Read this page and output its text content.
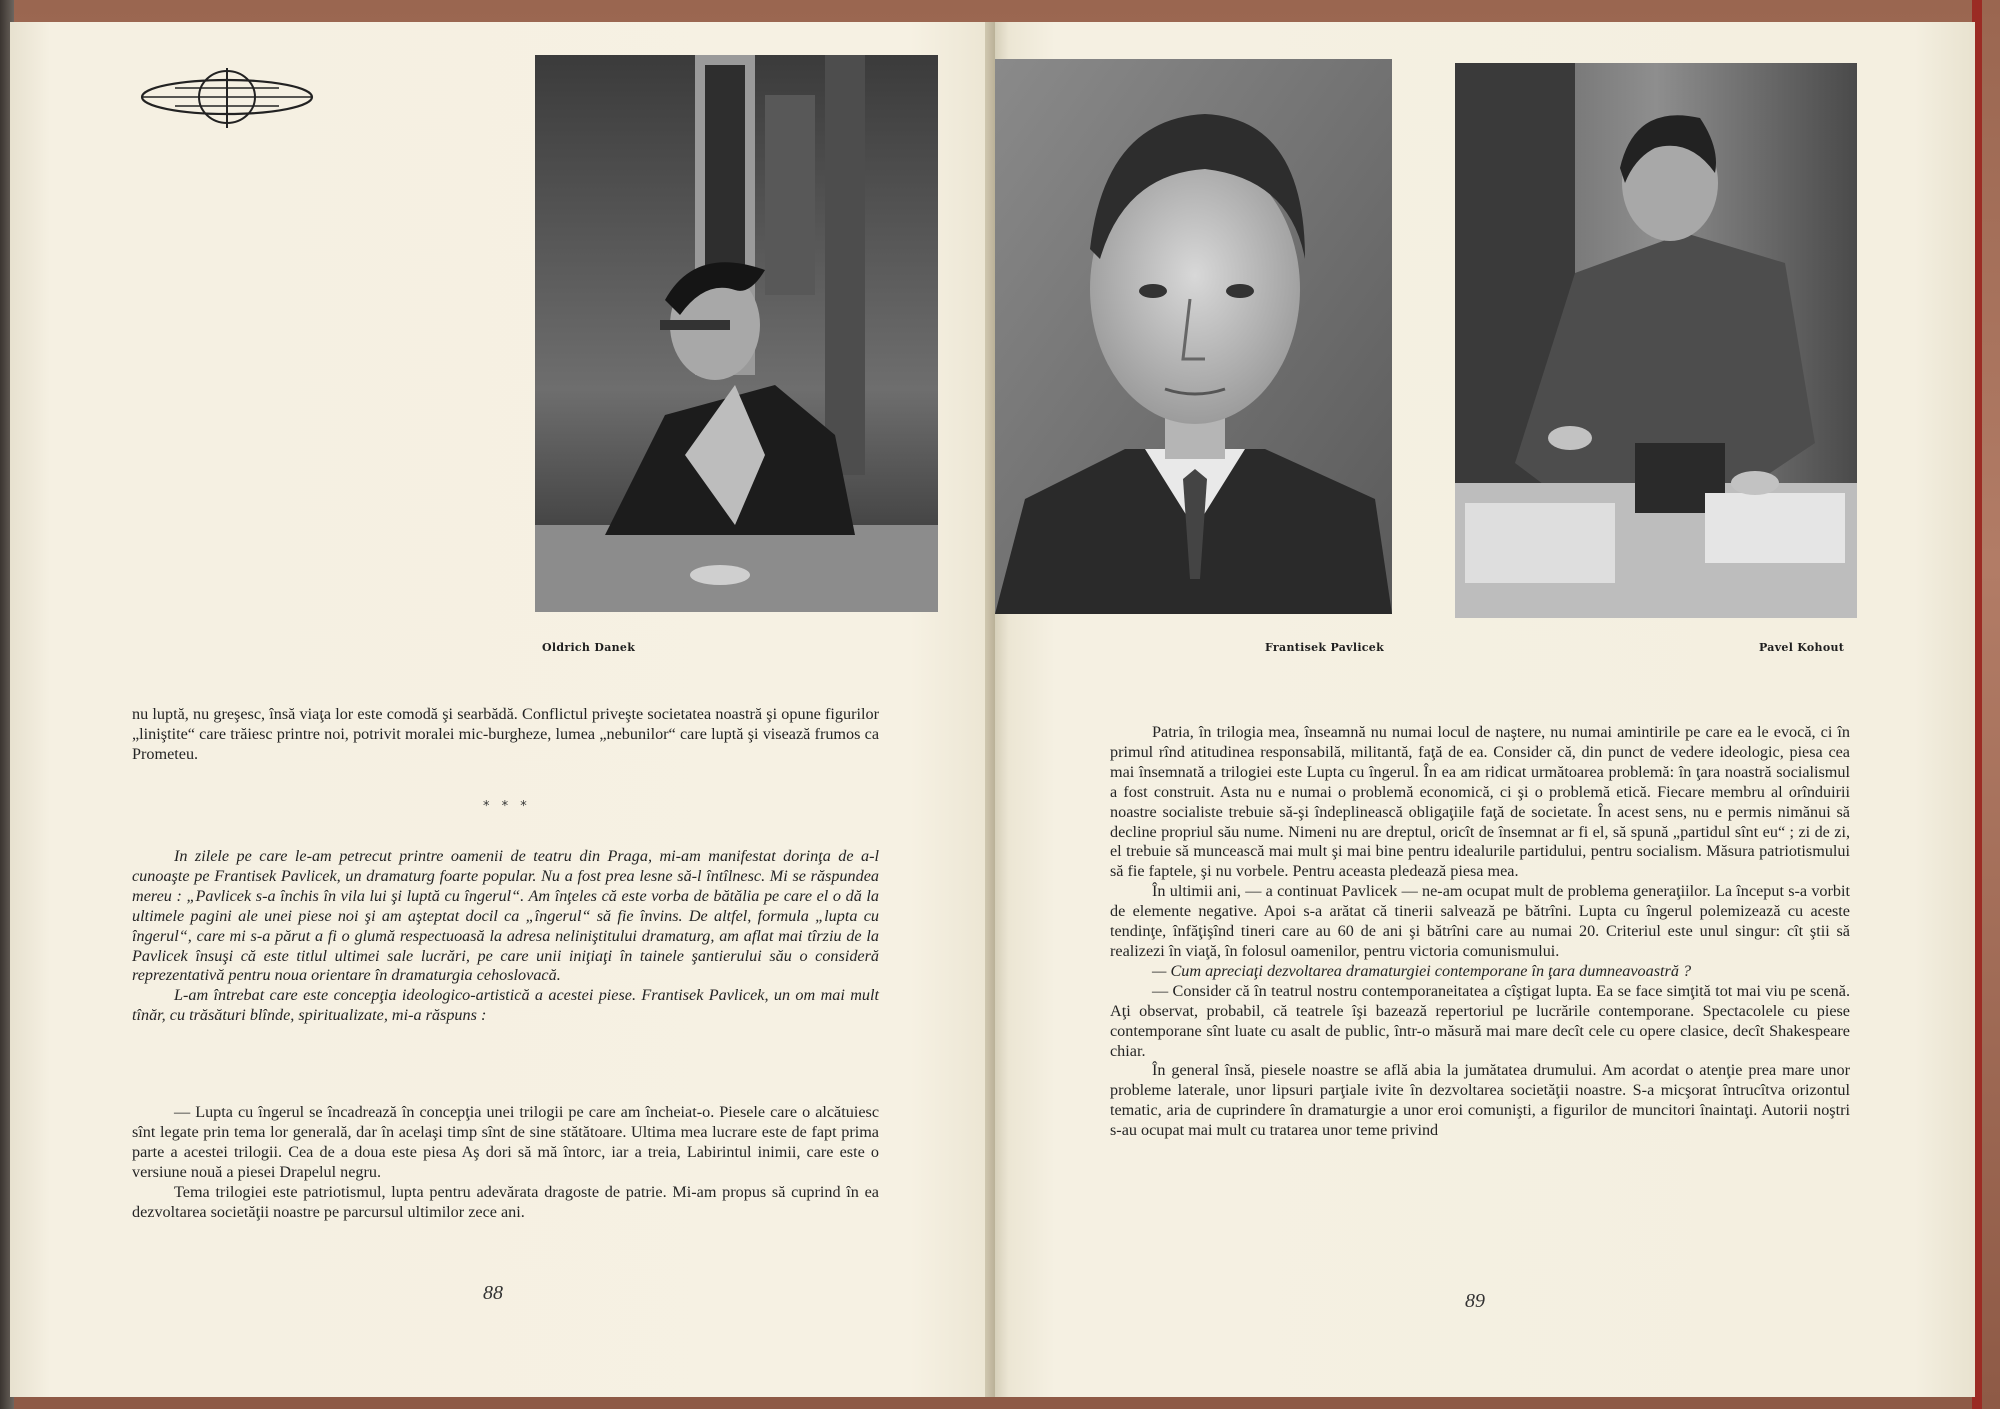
Oldrich Danek

nu luptă, nu greşesc, însă viaţa lor este comodă şi searbădă. Conflictul priveşte societatea noastră şi opune figurilor „liniştite“ care trăiesc printre noi, potrivit moralei mic-burgheze, lumea „nebunilor“ care luptă şi visează frumos ca Prometeu.

* * *

In zilele pe care le-am petrecut printre oamenii de teatru din Praga, mi-am manifestat dorinţa de a-l cunoaşte pe Frantisek Pavlicek, un dramaturg foarte popular. Nu a fost prea lesne să-l întîlnesc. Mi se răspundea mereu : „Pavlicek s-a închis în vila lui şi luptă cu îngerul“. Am înţeles că este vorba de bătălia pe care el o dă la ultimele pagini ale unei piese noi şi am aşteptat docil ca „îngerul“ să fie învins. De altfel, formula „lupta cu îngerul“, care mi s-a părut a fi o glumă respectuoasă la adresa neliniştitului dramaturg, am aflat mai tîrziu de la Pavlicek însuşi că este titlul ultimei sale lucrări, pe care unii iniţiaţi în tainele şantierului său o consideră reprezentativă pentru noua orientare în dramaturgia cehoslovacă.

L-am întrebat care este concepţia ideologico-artistică a acestei piese. Frantisek Pavlicek, un om mai mult tînăr, cu trăsături blînde, spiritualizate, mi-a răspuns :

— Lupta cu îngerul se încadrează în concepţia unei trilogii pe care am încheiat-o. Piesele care o alcătuiesc sînt legate prin tema lor generală, dar în acelaşi timp sînt de sine stătătoare. Ultima mea lucrare este de fapt prima parte a acestei trilogii. Cea de a doua este piesa Aş dori să mă întorc, iar a treia, Labirintul inimii, care este o versiune nouă a piesei Drapelul negru.

Tema trilogiei este patriotismul, lupta pentru adevărata dragoste de patrie. Mi-am propus să cuprind în ea dezvoltarea societăţii noastre pe parcursul ultimilor zece ani.

88
Frantisek Pavlicek	Pavel Kohout

Patria, în trilogia mea, înseamnă nu numai locul de naştere, nu numai amintirile pe care ea le evocă, ci în primul rînd atitudinea responsabilă, militantă, faţă de ea. Consider că, din punct de vedere ideologic, piesa cea mai însemnată a trilogiei este Lupta cu îngerul. În ea am ridicat următoarea problemă: în ţara noastră socialismul a fost construit. Asta nu e numai o problemă economică, ci şi o problemă etică. Fiecare membru al orînduirii noastre socialiste trebuie să-şi îndeplinească obligaţiile faţă de societate. În acest sens, nu e permis nimănui să decline propriul său nume. Nimeni nu are dreptul, oricît de însemnat ar fi el, să spună „partidul sînt eu“ ; zi de zi, el trebuie să muncească mai mult şi mai bine pentru idealurile partidului, pentru socialism. Măsura patriotismului să fie faptele, şi nu vorbele. Pentru aceasta pledează piesa mea.

În ultimii ani, — a continuat Pavlicek — ne-am ocupat mult de problema generaţiilor. La început s-a vorbit de elemente negative. Apoi s-a arătat că tinerii salvează pe bătrîni. Lupta cu îngerul polemizează cu aceste tendinţe, înfăţişînd tineri care au 60 de ani şi bătrîni care au numai 20. Criteriul este unul singur: cît ştii să realizezi în viaţă, în folosul oamenilor, pentru victoria comunismului.

— Cum apreciaţi dezvoltarea dramaturgiei contemporane în ţara dumneavoastră ?

— Consider că în teatrul nostru contemporaneitatea a cîştigat lupta. Ea se face simţită tot mai viu pe scenă. Aţi observat, probabil, că teatrele îşi bazează repertoriul pe lucrările contemporane. Spectacolele cu piese contemporane sînt luate cu asalt de public, într-o măsură mai mare decît cele cu opere clasice, decît Shakespeare chiar.

În general însă, piesele noastre se află abia la jumătatea drumului. Am acordat o atenţie prea mare unor probleme laterale, unor lipsuri parţiale ivite în dezvoltarea societăţii noastre. S-a micşorat întrucîtva orizontul tematic, aria de cuprindere în dramaturgie a unor eroi comunişti, a figurilor de muncitori înaintaţi. Autorii noştri s-au ocupat mai mult cu tratarea unor teme privind

89
